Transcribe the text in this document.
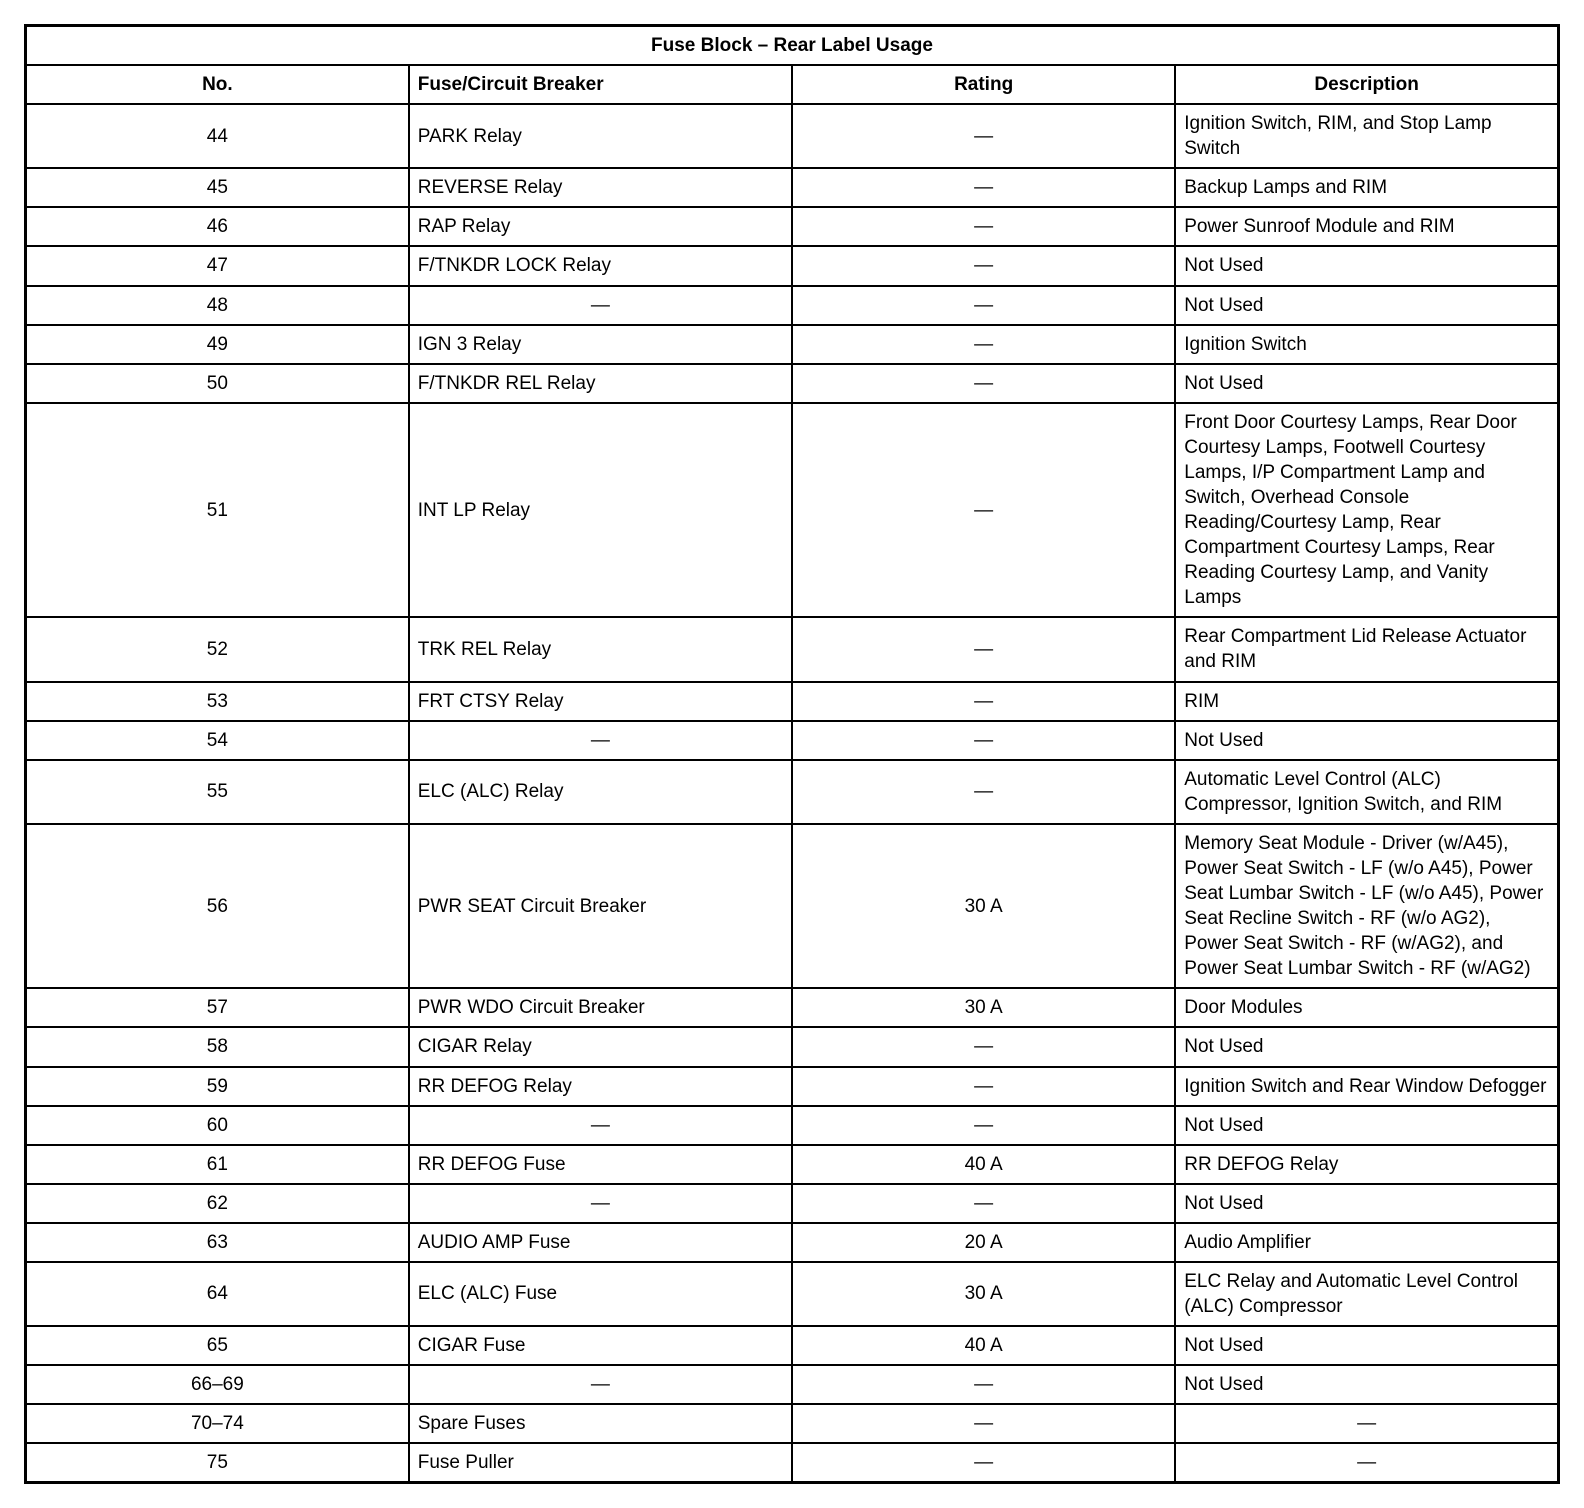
Fuse Block – Rear Label Usage			
No.	Fuse/Circuit Breaker	Rating	Description
44	PARK Relay	—	Ignition Switch, RIM, and Stop Lamp Switch
45	REVERSE Relay	—	Backup Lamps and RIM
46	RAP Relay	—	Power Sunroof Module and RIM
47	F/TNKDR LOCK Relay	—	Not Used
48	—	—	Not Used
49	IGN 3 Relay	—	Ignition Switch
50	F/TNKDR REL Relay	—	Not Used
51	INT LP Relay	—	Front Door Courtesy Lamps, Rear Door Courtesy Lamps, Footwell Courtesy Lamps, I/P Compartment Lamp and Switch, Overhead Console Reading/Courtesy Lamp, Rear Compartment Courtesy Lamps, Rear Reading Courtesy Lamp, and Vanity Lamps
52	TRK REL Relay	—	Rear Compartment Lid Release Actuator and RIM
53	FRT CTSY Relay	—	RIM
54	—	—	Not Used
55	ELC (ALC) Relay	—	Automatic Level Control (ALC) Compressor, Ignition Switch, and RIM
56	PWR SEAT Circuit Breaker	30 A	Memory Seat Module - Driver (w/A45), Power Seat Switch - LF (w/o A45), Power Seat Lumbar Switch - LF (w/o A45), Power Seat Recline Switch - RF (w/o AG2), Power Seat Switch - RF (w/AG2), and Power Seat Lumbar Switch - RF (w/AG2)
57	PWR WDO Circuit Breaker	30 A	Door Modules
58	CIGAR Relay	—	Not Used
59	RR DEFOG Relay	—	Ignition Switch and Rear Window Defogger
60	—	—	Not Used
61	RR DEFOG Fuse	40 A	RR DEFOG Relay
62	—	—	Not Used
63	AUDIO AMP Fuse	20 A	Audio Amplifier
64	ELC (ALC) Fuse	30 A	ELC Relay and Automatic Level Control (ALC) Compressor
65	CIGAR Fuse	40 A	Not Used
66–69	—	—	Not Used
70–74	Spare Fuses	—	—
75	Fuse Puller	—	—
